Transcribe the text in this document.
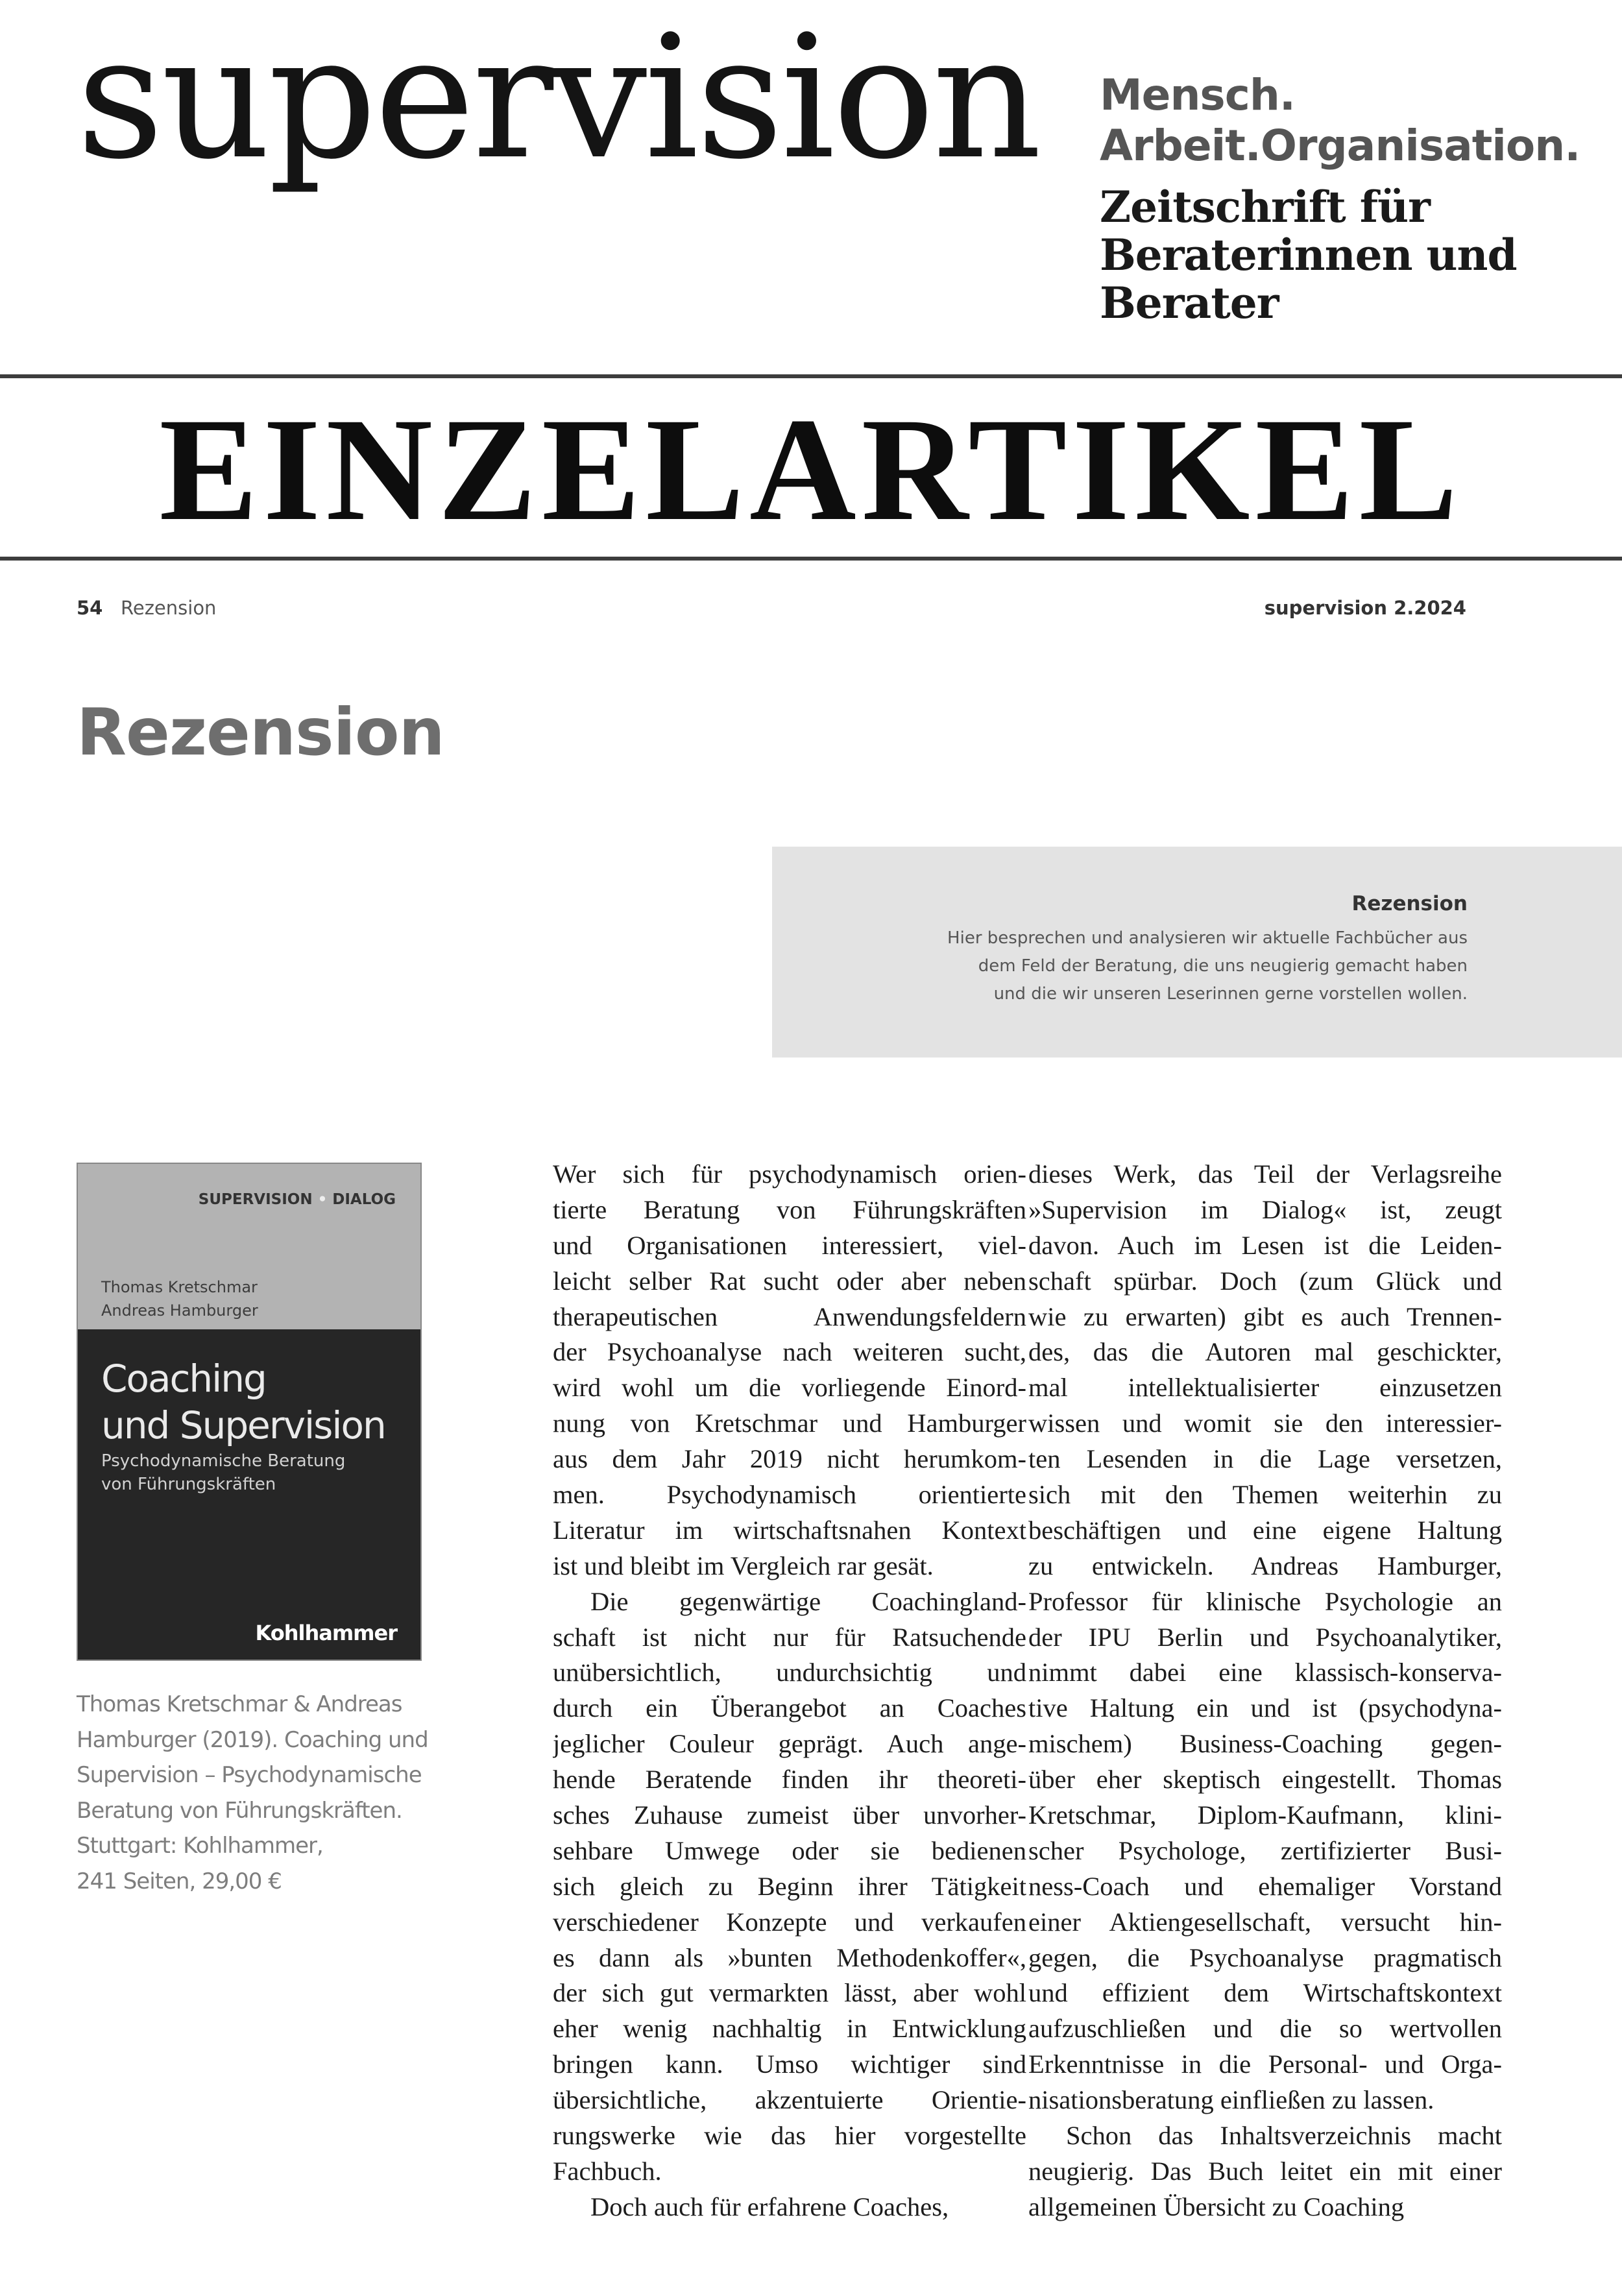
supervision Mensch.
Arbeit.Organisation.

Zeitschrift für
Beraterinnen und
Berater

EINZELARTIKEL
54 Rezension	supervision 2.2024
Rezension
Rezension
Hier besprechen und analysieren wir aktuelle Fachbücher aus
dem Feld der Beratung, die uns neugierig gemacht haben
und die wir unseren Leserinnen gerne vorstellen wollen.
SUPERVISION • DIALOG
Thomas Kretschmar
Andreas Hamburger
Coaching
und Supervision
Psychodynamische Beratung
von Führungskräften
Kohlhammer
Thomas Kretschmar & Andreas
Hamburger (2019). Coaching und
Supervision – Psychodynamische
Beratung von Führungskräften.
Stuttgart: Kohlhammer,
241 Seiten, 29,00 €
Wer sich für psychodynamisch orien-
tierte Beratung von Führungskräften
und Organisationen interessiert, viel-
leicht selber Rat sucht oder aber neben
therapeutischen Anwendungsfeldern
der Psychoanalyse nach weiteren sucht,
wird wohl um die vorliegende Einord-
nung von Kretschmar und Hamburger
aus dem Jahr 2019 nicht herumkom-
men. Psychodynamisch orientierte
Literatur im wirtschaftsnahen Kontext
ist und bleibt im Vergleich rar gesät.
Die gegenwärtige Coachingland-
schaft ist nicht nur für Ratsuchende
unübersichtlich, undurchsichtig und
durch ein Überangebot an Coaches
jeglicher Couleur geprägt. Auch ange-
hende Beratende finden ihr theoreti-
sches Zuhause zumeist über unvorher-
sehbare Umwege oder sie bedienen
sich gleich zu Beginn ihrer Tätigkeit
verschiedener Konzepte und verkaufen
es dann als »bunten Methodenkoffer«,
der sich gut vermarkten lässt, aber wohl
eher wenig nachhaltig in Entwicklung
bringen kann. Umso wichtiger sind
übersichtliche, akzentuierte Orientie-
rungswerke wie das hier vorgestellte
Fachbuch.
Doch auch für erfahrene Coaches,
dieses Werk, das Teil der Verlagsreihe
»Supervision im Dialog« ist, zeugt
davon. Auch im Lesen ist die Leiden-
schaft spürbar. Doch (zum Glück und
wie zu erwarten) gibt es auch Trennen-
des, das die Autoren mal geschickter,
mal intellektualisierter einzusetzen
wissen und womit sie den interessier-
ten Lesenden in die Lage versetzen,
sich mit den Themen weiterhin zu
beschäftigen und eine eigene Haltung
zu entwickeln. Andreas Hamburger,
Professor für klinische Psychologie an
der IPU Berlin und Psychoanalytiker,
nimmt dabei eine klassisch-konserva-
tive Haltung ein und ist (psychodyna-
mischem) Business-Coaching gegen-
über eher skeptisch eingestellt. Thomas
Kretschmar, Diplom-Kaufmann, klini-
scher Psychologe, zertifizierter Busi-
ness-Coach und ehemaliger Vorstand
einer Aktiengesellschaft, versucht hin-
gegen, die Psychoanalyse pragmatisch
und effizient dem Wirtschaftskontext
aufzuschließen und die so wertvollen
Erkenntnisse in die Personal- und Orga-
nisationsberatung einfließen zu lassen.
Schon das Inhaltsverzeichnis macht
neugierig. Das Buch leitet ein mit einer
allgemeinen Übersicht zu Coaching
